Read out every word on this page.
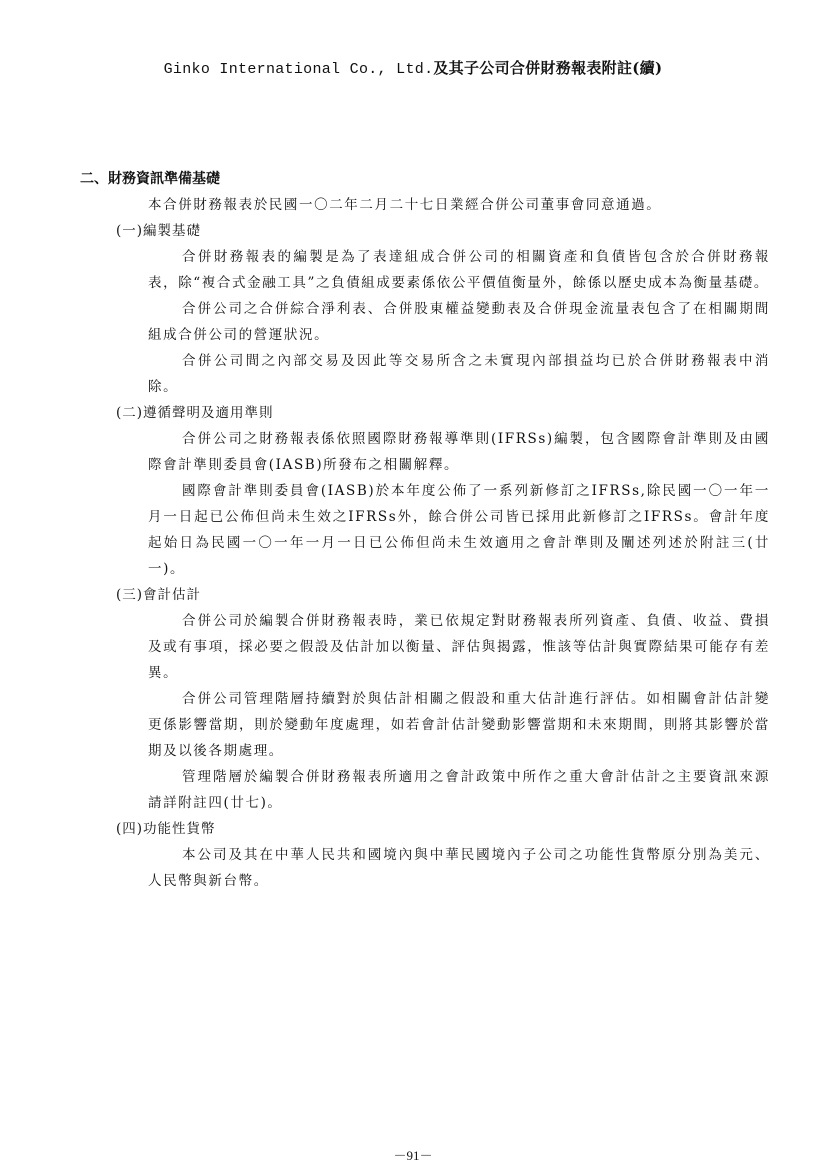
Ginko International Co., Ltd.及其子公司合併財務報表附註(續)
二、財務資訊準備基礎

本合併財務報表於民國一〇二年二月二十七日業經合併公司董事會同意通過。

(一)編製基礎

合併財務報表的編製是為了表達組成合併公司的相關資產和負債皆包含於合併財務報表，除“複合式金融工具”之負債組成要素係依公平價值衡量外，餘係以歷史成本為衡量基礎。

合併公司之合併綜合淨利表、合併股東權益變動表及合併現金流量表包含了在相關期間組成合併公司的營運狀況。

合併公司間之內部交易及因此等交易所含之未實現內部損益均已於合併財務報表中消除。

(二)遵循聲明及適用準則

合併公司之財務報表係依照國際財務報導準則(IFRSs)編製，包含國際會計準則及由國際會計準則委員會(IASB)所發布之相關解釋。

國際會計準則委員會(IASB)於本年度公佈了一系列新修訂之IFRSs,除民國一〇一年一月一日起已公佈但尚未生效之IFRSs外，餘合併公司皆已採用此新修訂之IFRSs。會計年度起始日為民國一〇一年一月一日已公佈但尚未生效適用之會計準則及闡述列述於附註三(廿一)。

(三)會計估計

合併公司於編製合併財務報表時，業已依規定對財務報表所列資產、負債、收益、費損及或有事項，採必要之假設及估計加以衡量、評估與揭露，惟該等估計與實際結果可能存有差異。

合併公司管理階層持續對於與估計相關之假設和重大估計進行評估。如相關會計估計變更係影響當期，則於變動年度處理，如若會計估計變動影響當期和未來期間，則將其影響於當期及以後各期處理。

管理階層於編製合併財務報表所適用之會計政策中所作之重大會計估計之主要資訊來源請詳附註四(廿七)。

(四)功能性貨幣

本公司及其在中華人民共和國境內與中華民國境內子公司之功能性貨幣原分別為美元、人民幣與新台幣。

－91－
